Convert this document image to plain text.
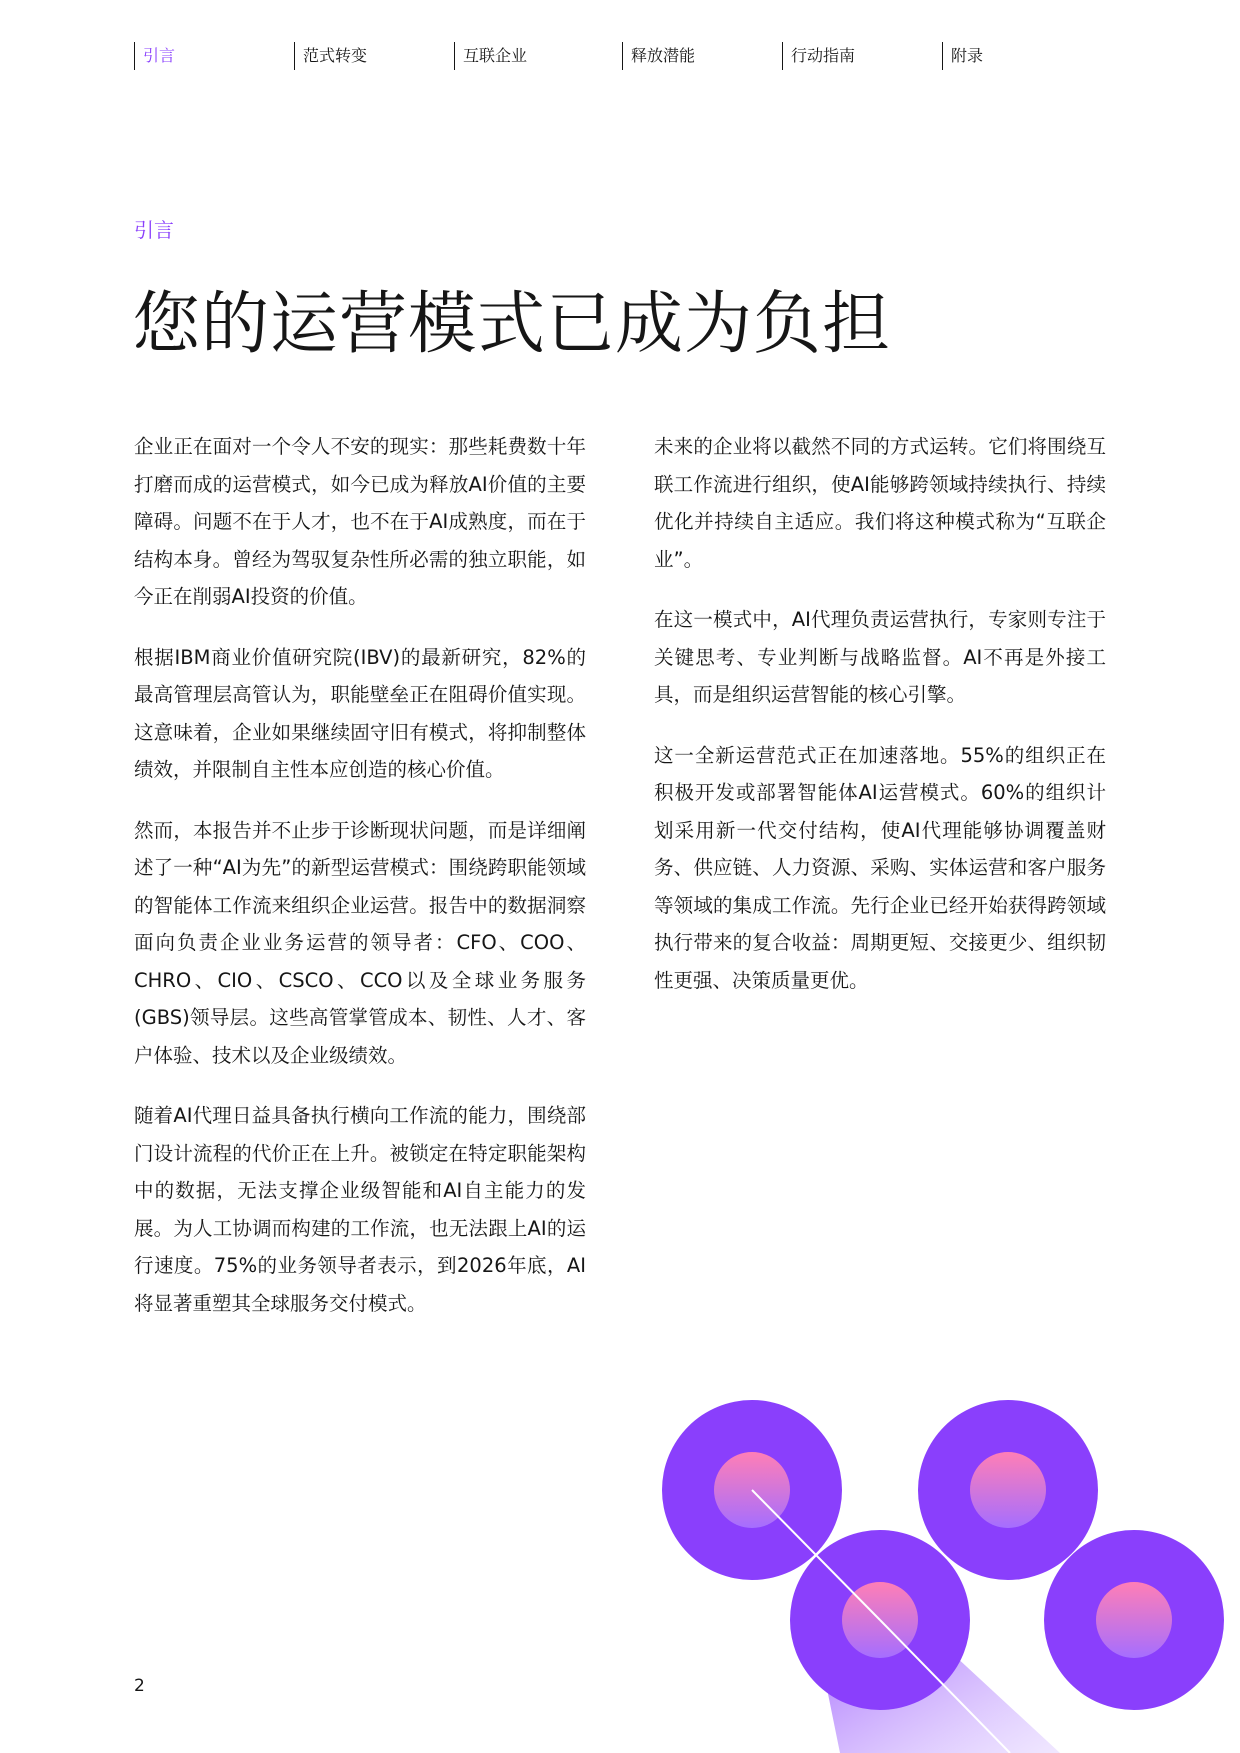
引言	范式转变	互联企业	释放潜能	行动指南	附录
引言
您的运营模式已成为负担

企业正在面对一个令人不安的现实：那些耗费数十年打磨而成的运营模式，如今已成为释放AI价值的主要障碍。问题不在于人才，也不在于AI成熟度，而在于结构本身。曾经为驾驭复杂性所必需的独立职能，如今正在削弱AI投资的价值。

根据IBM商业价值研究院(IBV)的最新研究，82%的最高管理层高管认为，职能壁垒正在阻碍价值实现。这意味着，企业如果继续固守旧有模式，将抑制整体绩效，并限制自主性本应创造的核心价值。

然而，本报告并不止步于诊断现状问题，而是详细阐述了一种“AI为先”的新型运营模式：围绕跨职能领域的智能体工作流来组织企业运营。报告中的数据洞察面向负责企业业务运营的领导者：CFO、COO、CHRO、CIO、CSCO、CCO以及全球业务服务(GBS)领导层。这些高管掌管成本、韧性、人才、客户体验、技术以及企业级绩效。

随着AI代理日益具备执行横向工作流的能力，围绕部门设计流程的代价正在上升。被锁定在特定职能架构中的数据，无法支撑企业级智能和AI自主能力的发展。为人工协调而构建的工作流，也无法跟上AI的运行速度。75%的业务领导者表示，到2026年底，AI将显著重塑其全球服务交付模式。

未来的企业将以截然不同的方式运转。它们将围绕互联工作流进行组织，使AI能够跨领域持续执行、持续优化并持续自主适应。我们将这种模式称为“互联企业”。

在这一模式中，AI代理负责运营执行，专家则专注于关键思考、专业判断与战略监督。AI不再是外接工具，而是组织运营智能的核心引擎。

这一全新运营范式正在加速落地。55%的组织正在积极开发或部署智能体AI运营模式。60%的组织计划采用新一代交付结构，使AI代理能够协调覆盖财务、供应链、人力资源、采购、实体运营和客户服务等领域的集成工作流。先行企业已经开始获得跨领域执行带来的复合收益：周期更短、交接更少、组织韧性更强、决策质量更优。

2
